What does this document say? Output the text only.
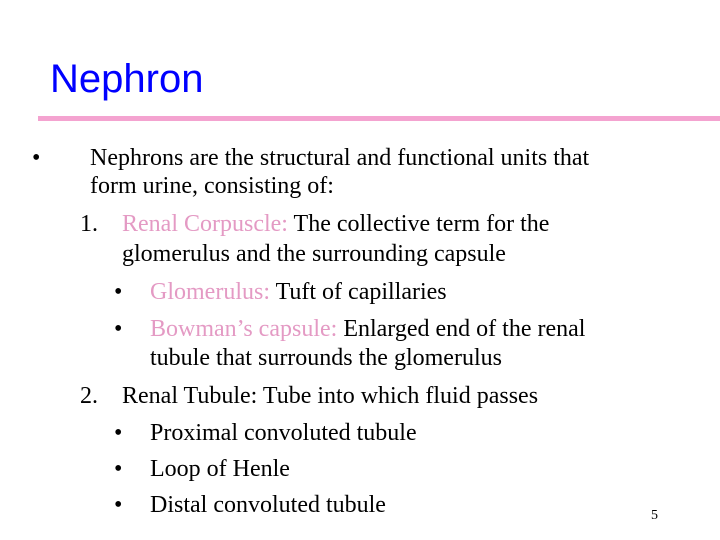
Nephron
• Nephrons are the structural and functional units that
form urine, consisting of:
1. Renal Corpuscle: The collective term for the
glomerulus and the surrounding capsule
• Glomerulus: Tuft of capillaries
• Bowman’s capsule: Enlarged end of the renal
tubule that surrounds the glomerulus
2. Renal Tubule: Tube into which fluid passes
• Proximal convoluted tubule
• Loop of Henle
• Distal convoluted tubule	5
